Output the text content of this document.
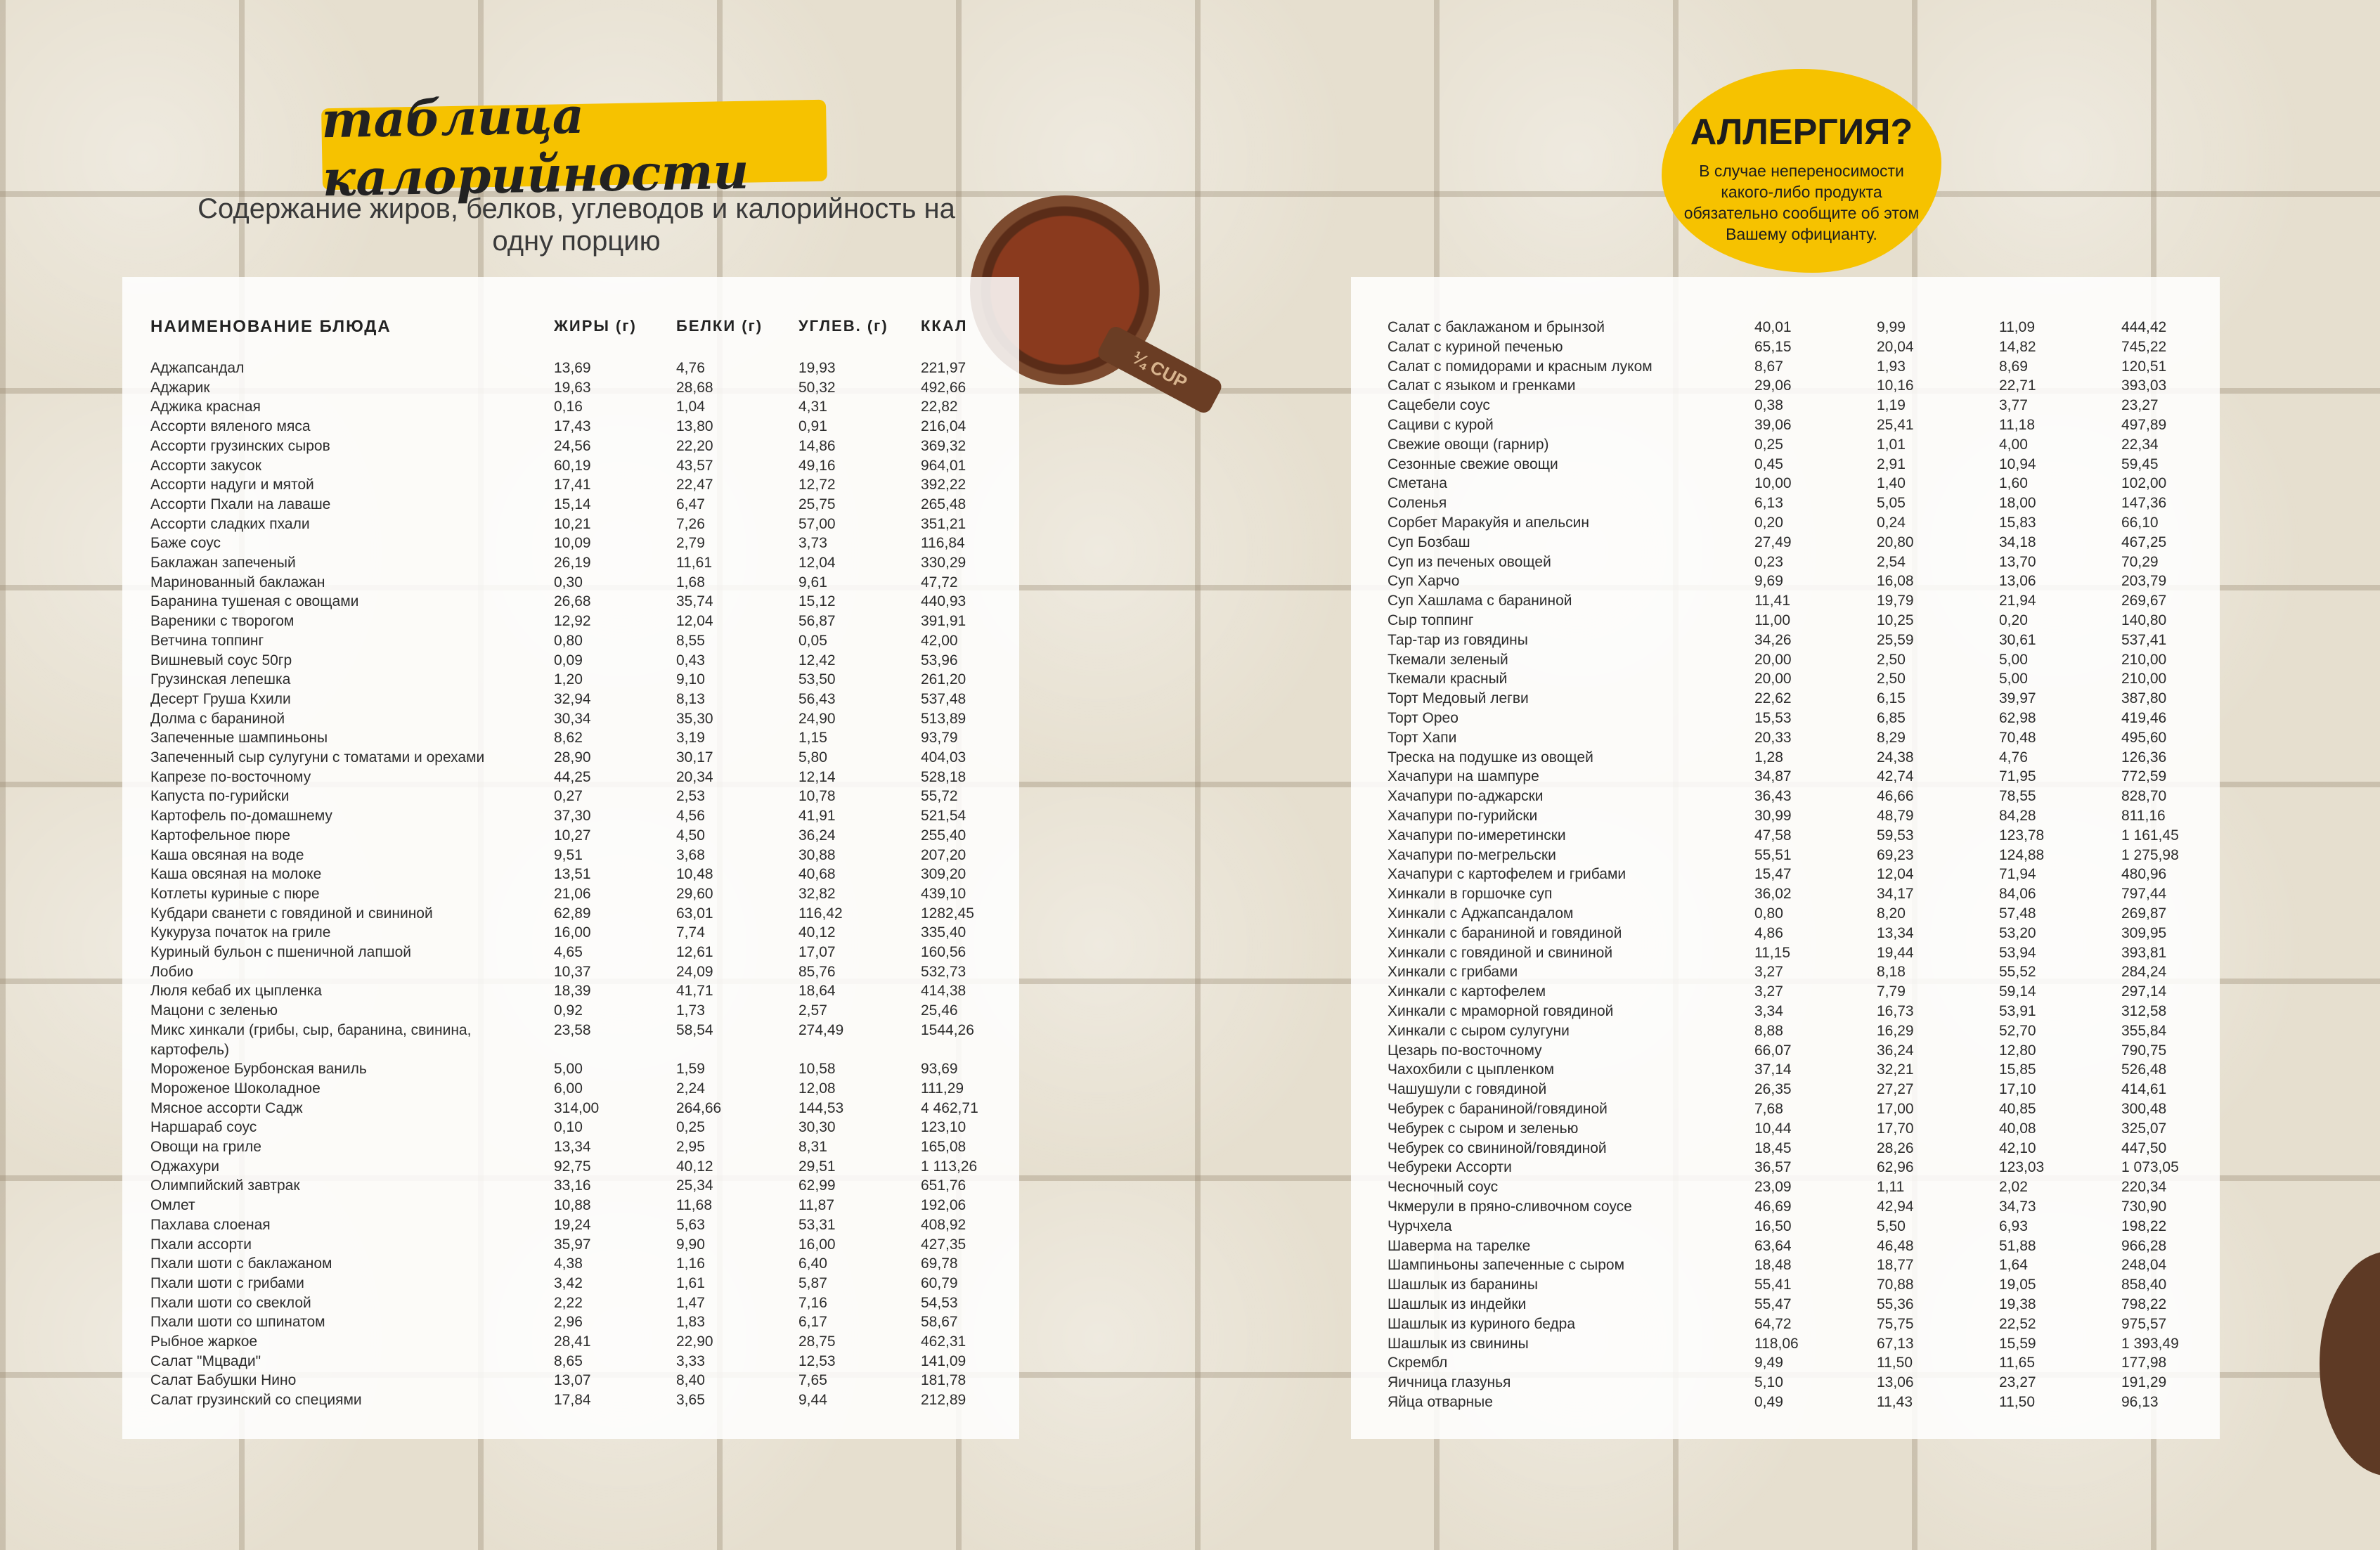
таблица калорийности
Содержание жиров, белков, углеводов и калорийность на одну порцию
¼ CUP
АЛЛЕРГИЯ?
В случае непереносимости какого-либо продукта обязательно сообщите об этом Вашему официанту.
НАИМЕНОВАНИЕ БЛЮДА	ЖИРЫ (г)	БЕЛКИ (г) УГЛЕВ. (г) ККАЛ
Аджапсандал	13,69	4,76	19,93	221,97
Аджарик	19,63	28,68	50,32	492,66
Аджика красная	0,16	1,04	4,31	22,82
Ассорти вяленого мяса	17,43	13,80	0,91	216,04
Ассорти грузинских сыров	24,56	22,20	14,86	369,32
Ассорти закусок	60,19	43,57	49,16	964,01
Ассорти надуги и мятой	17,41	22,47	12,72	392,22
Ассорти Пхали на лаваше	15,14	6,47	25,75	265,48
Ассорти сладких пхали	10,21	7,26	57,00	351,21
Баже соус	10,09	2,79	3,73	116,84
Баклажан запеченый	26,19	11,61	12,04	330,29
Маринованный баклажан	0,30	1,68	9,61	47,72
Баранина тушеная с овощами	26,68	35,74	15,12	440,93
Вареники с творогом	12,92	12,04	56,87	391,91
Ветчина топпинг	0,80	8,55	0,05	42,00
Вишневый соус 50гр	0,09	0,43	12,42	53,96
Грузинская лепешка	1,20	9,10	53,50	261,20
Десерт Груша Кхили	32,94	8,13	56,43	537,48
Долма с бараниной	30,34	35,30	24,90	513,89
Запеченные шампиньоны	8,62	3,19	1,15	93,79
Запеченный сыр сулугуни с томатами и орехами	28,90	30,17	5,80	404,03
Капрезе по-восточному	44,25	20,34	12,14	528,18
Капуста по-гурийски	0,27	2,53	10,78	55,72
Картофель по-домашнему	37,30	4,56	41,91	521,54
Картофельное пюре	10,27	4,50	36,24	255,40
Каша овсяная на воде	9,51	3,68	30,88	207,20
Каша овсяная на молоке	13,51	10,48	40,68	309,20
Котлеты куриные с пюре	21,06	29,60	32,82	439,10
Кубдари сванети с говядиной и свининой	62,89	63,01	116,42	1282,45
Кукуруза початок на гриле	16,00	7,74	40,12	335,40
Куриный бульон с пшеничной лапшой	4,65	12,61	17,07	160,56
Лобио	10,37	24,09	85,76	532,73
Люля кебаб их цыпленка	18,39	41,71	18,64	414,38
Мацони с зеленью	0,92	1,73	2,57	25,46
Микс хинкали (грибы, сыр, баранина, свинина,	23,58	58,54	274,49	1544,26
картофель)
Мороженое Бурбонская ваниль	5,00	1,59	10,58	93,69
Мороженое Шоколадное	6,00	2,24	12,08	111,29
Мясное ассорти Садж	314,00	264,66	144,53	4 462,71
Наршараб соус	0,10	0,25	30,30	123,10
Овощи на гриле	13,34	2,95	8,31	165,08
Оджахури	92,75	40,12	29,51	1 113,26
Олимпийский завтрак	33,16	25,34	62,99	651,76
Омлет	10,88	11,68	11,87	192,06
Пахлава слоеная	19,24	5,63	53,31	408,92
Пхали ассорти	35,97	9,90	16,00	427,35
Пхали шоти с баклажаном	4,38	1,16	6,40	69,78
Пхали шоти с грибами	3,42	1,61	5,87	60,79
Пхали шоти со свеклой	2,22	1,47	7,16	54,53
Пхали шоти со шпинатом	2,96	1,83	6,17	58,67
Рыбное жаркое	28,41	22,90	28,75	462,31
Салат "Мцвади"	8,65	3,33	12,53	141,09
Салат Бабушки Нино	13,07	8,40	7,65	181,78
Салат грузинский со специями	17,84	3,65	9,44	212,89
Салат с баклажаном и брынзой	40,01	9,99	11,09	444,42
Салат с куриной печенью	65,15	20,04	14,82	745,22
Салат с помидорами и красным луком	8,67	1,93	8,69	120,51
Салат с языком и гренками	29,06	10,16	22,71	393,03
Сацебели соус	0,38	1,19	3,77	23,27
Сациви с курой	39,06	25,41	11,18	497,89
Свежие овощи (гарнир)	0,25	1,01	4,00	22,34
Сезонные свежие овощи	0,45	2,91	10,94	59,45
Сметана	10,00	1,40	1,60	102,00
Соленья	6,13	5,05	18,00	147,36
Сорбет Маракуйя и апельсин	0,20	0,24	15,83	66,10
Суп Бозбаш	27,49	20,80	34,18	467,25
Суп из печеных овощей	0,23	2,54	13,70	70,29
Суп Харчо	9,69	16,08	13,06	203,79
Суп Хашлама с бараниной	11,41	19,79	21,94	269,67
Сыр топпинг	11,00	10,25	0,20	140,80
Тар-тар из говядины	34,26	25,59	30,61	537,41
Ткемали зеленый	20,00	2,50	5,00	210,00
Ткемали красный	20,00	2,50	5,00	210,00
Торт Медовый легви	22,62	6,15	39,97	387,80
Торт Орео	15,53	6,85	62,98	419,46
Торт Хапи	20,33	8,29	70,48	495,60
Треска на подушке из овощей	1,28	24,38	4,76	126,36
Хачапури на шампуре	34,87	42,74	71,95	772,59
Хачапури по-аджарски	36,43	46,66	78,55	828,70
Хачапури по-гурийски	30,99	48,79	84,28	811,16
Хачапури по-имеретински	47,58	59,53	123,78	1 161,45
Хачапури по-мегрельски	55,51	69,23	124,88	1 275,98
Хачапури с картофелем и грибами	15,47	12,04	71,94	480,96
Хинкали в горшочке суп	36,02	34,17	84,06	797,44
Хинкали с Аджапсандалом	0,80	8,20	57,48	269,87
Хинкали с бараниной и говядиной	4,86	13,34	53,20	309,95
Хинкали с говядиной и свининой	11,15	19,44	53,94	393,81
Хинкали с грибами	3,27	8,18	55,52	284,24
Хинкали с картофелем	3,27	7,79	59,14	297,14
Хинкали с мраморной говядиной	3,34	16,73	53,91	312,58
Хинкали с сыром сулугуни	8,88	16,29	52,70	355,84
Цезарь по-восточному	66,07	36,24	12,80	790,75
Чахохбили с цыпленком	37,14	32,21	15,85	526,48
Чашушули с говядиной	26,35	27,27	17,10	414,61
Чебурек с бараниной/говядиной	7,68	17,00	40,85	300,48
Чебурек с сыром и зеленью	10,44	17,70	40,08	325,07
Чебурек со свининой/говядиной	18,45	28,26	42,10	447,50
Чебуреки Ассорти	36,57	62,96	123,03	1 073,05
Чесночный соус	23,09	1,11	2,02	220,34
Чкмерули в пряно-сливочном соусе	46,69	42,94	34,73	730,90
Чурчхела	16,50	5,50	6,93	198,22
Шаверма на тарелке	63,64	46,48	51,88	966,28
Шампиньоны запеченные с сыром	18,48	18,77	1,64	248,04
Шашлык из баранины	55,41	70,88	19,05	858,40
Шашлык из индейки	55,47	55,36	19,38	798,22
Шашлык из куриного бедра	64,72	75,75	22,52	975,57
Шашлык из свинины	118,06	67,13	15,59	1 393,49
Скрембл	9,49	11,50	11,65	177,98
Яичница глазунья	5,10	13,06	23,27	191,29
Яйца отварные	0,49	11,43	11,50	96,13
